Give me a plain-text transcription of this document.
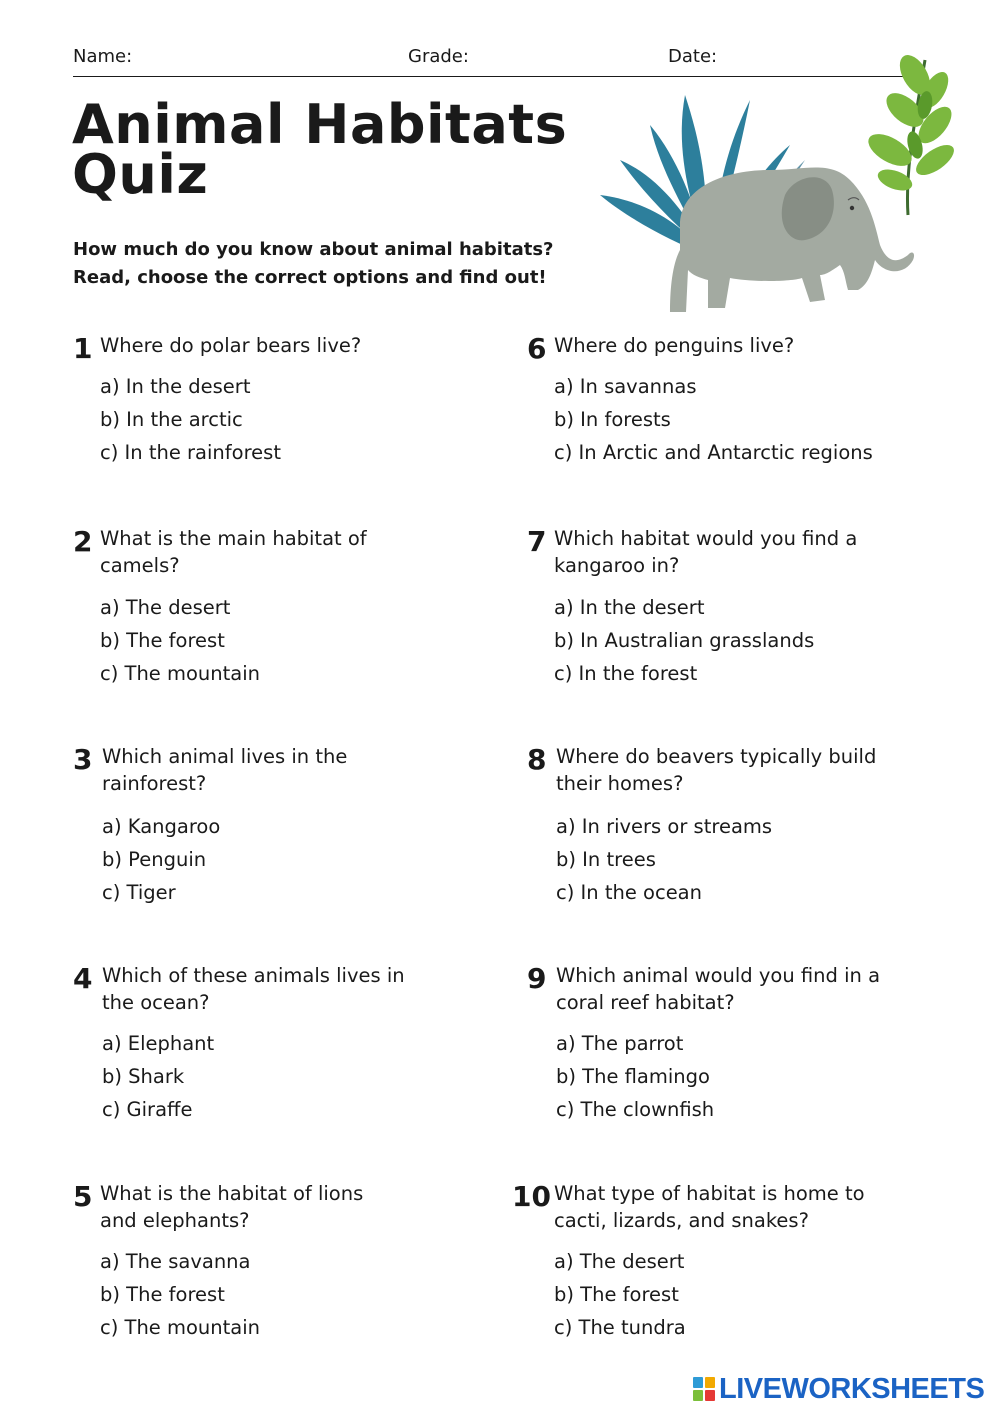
Name:	Grade:	Date:
Animal Habitats
Quiz
How much do you know about animal habitats?
Read, choose the correct options and find out!
1 Where do polar bears live?
a) In the desert
b) In the arctic
c) In the rainforest
2 What is the main habitat of camels?
a) The desert
b) The forest
c) The mountain
3 Which animal lives in the rainforest?
a) Kangaroo
b) Penguin
c) Tiger
4 Which of these animals lives in the ocean?
a) Elephant
b) Shark
c) Giraffe
5 What is the habitat of lions and elephants?
a) The savanna
b) The forest
c) The mountain
6 Where do penguins live?
a) In savannas
b) In forests
c) In Arctic and Antarctic regions
7 Which habitat would you find a kangaroo in?
a) In the desert
b) In Australian grasslands
c) In the forest
8 Where do beavers typically build their homes?
a) In rivers or streams
b) In trees
c) In the ocean
9 Which animal would you find in a coral reef habitat?
a) The parrot
b) The flamingo
c) The clownfish
10 What type of habitat is home to cacti, lizards, and snakes?
a) The desert
b) The forest
c) The tundra
LIVEWORKSHEETS
